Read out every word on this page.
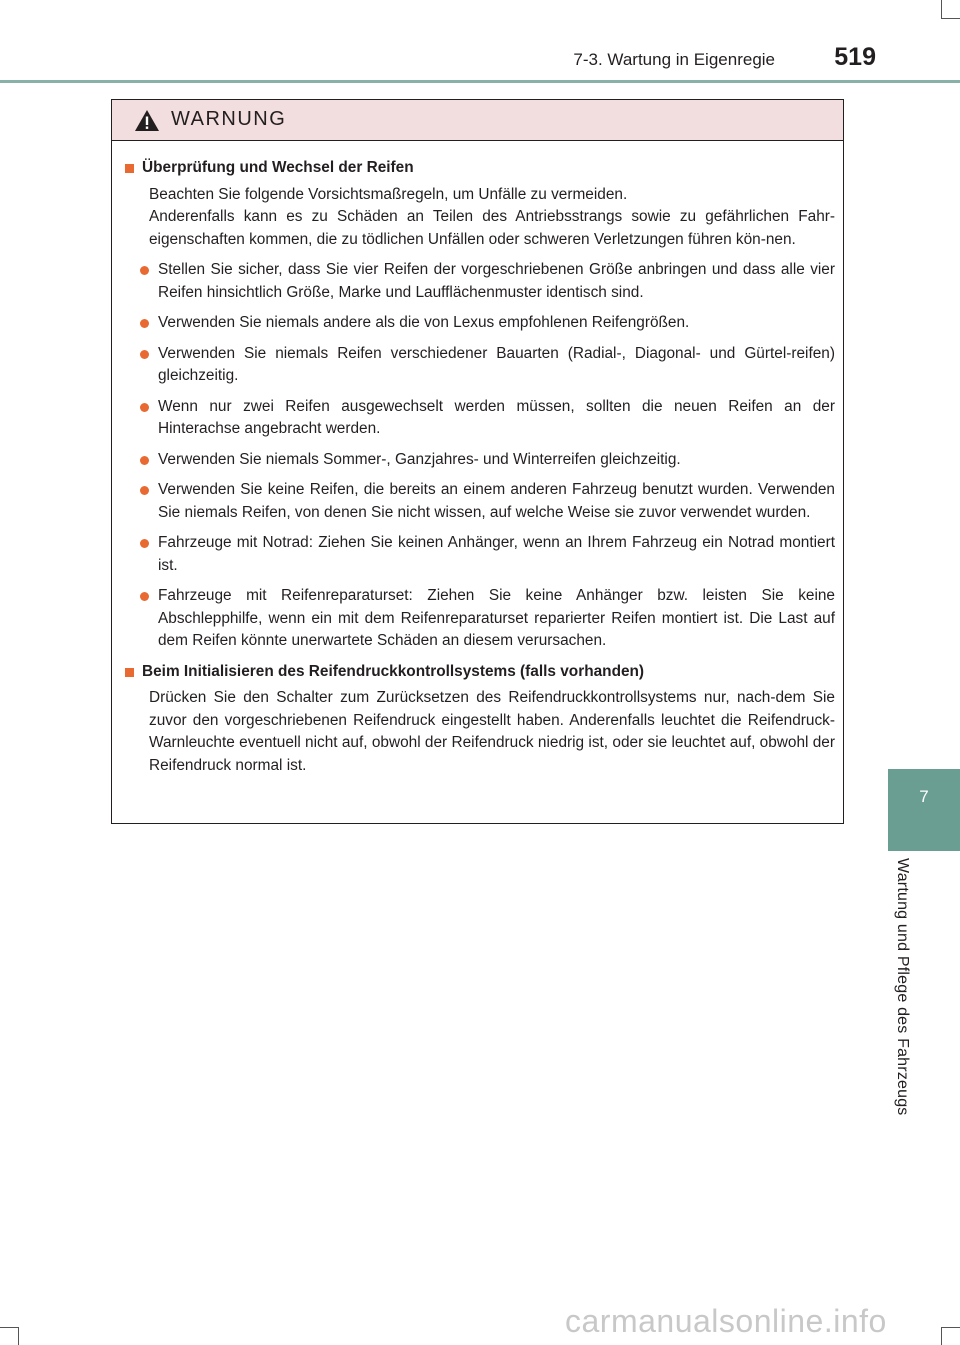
7-3. Wartung in Eigenregie 519
7
Wartung und Pflege des Fahrzeugs
WARNUNG
Überprüfung und Wechsel der Reifen

Beachten Sie folgende Vorsichtsmaßregeln, um Unfälle zu vermeiden.

Anderenfalls kann es zu Schäden an Teilen des Antriebsstrangs sowie zu gefährlichen Fahr-eigenschaften kommen, die zu tödlichen Unfällen oder schweren Verletzungen führen kön-nen.

Stellen Sie sicher, dass Sie vier Reifen der vorgeschriebenen Größe anbringen und dass alle vier Reifen hinsichtlich Größe, Marke und Laufflächenmuster identisch sind.
Verwenden Sie niemals andere als die von Lexus empfohlenen Reifengrößen.
Verwenden Sie niemals Reifen verschiedener Bauarten (Radial-, Diagonal- und Gürtel-reifen) gleichzeitig.
Wenn nur zwei Reifen ausgewechselt werden müssen, sollten die neuen Reifen an der Hinterachse angebracht werden.
Verwenden Sie niemals Sommer-, Ganzjahres- und Winterreifen gleichzeitig.
Verwenden Sie keine Reifen, die bereits an einem anderen Fahrzeug benutzt wurden. Verwenden Sie niemals Reifen, von denen Sie nicht wissen, auf welche Weise sie zuvor verwendet wurden.
Fahrzeuge mit Notrad: Ziehen Sie keinen Anhänger, wenn an Ihrem Fahrzeug ein Notrad montiert ist.
Fahrzeuge mit Reifenreparaturset: Ziehen Sie keine Anhänger bzw. leisten Sie keine Abschlepphilfe, wenn ein mit dem Reifenreparaturset reparierter Reifen montiert ist. Die Last auf dem Reifen könnte unerwartete Schäden an diesem verursachen.
Beim Initialisieren des Reifendruckkontrollsystems (falls vorhanden)

Drücken Sie den Schalter zum Zurücksetzen des Reifendruckkontrollsystems nur, nach-dem Sie zuvor den vorgeschriebenen Reifendruck eingestellt haben. Anderenfalls leuchtet die Reifendruck-Warnleuchte eventuell nicht auf, obwohl der Reifendruck niedrig ist, oder sie leuchtet auf, obwohl der Reifendruck normal ist.

carmanualsonline.info
